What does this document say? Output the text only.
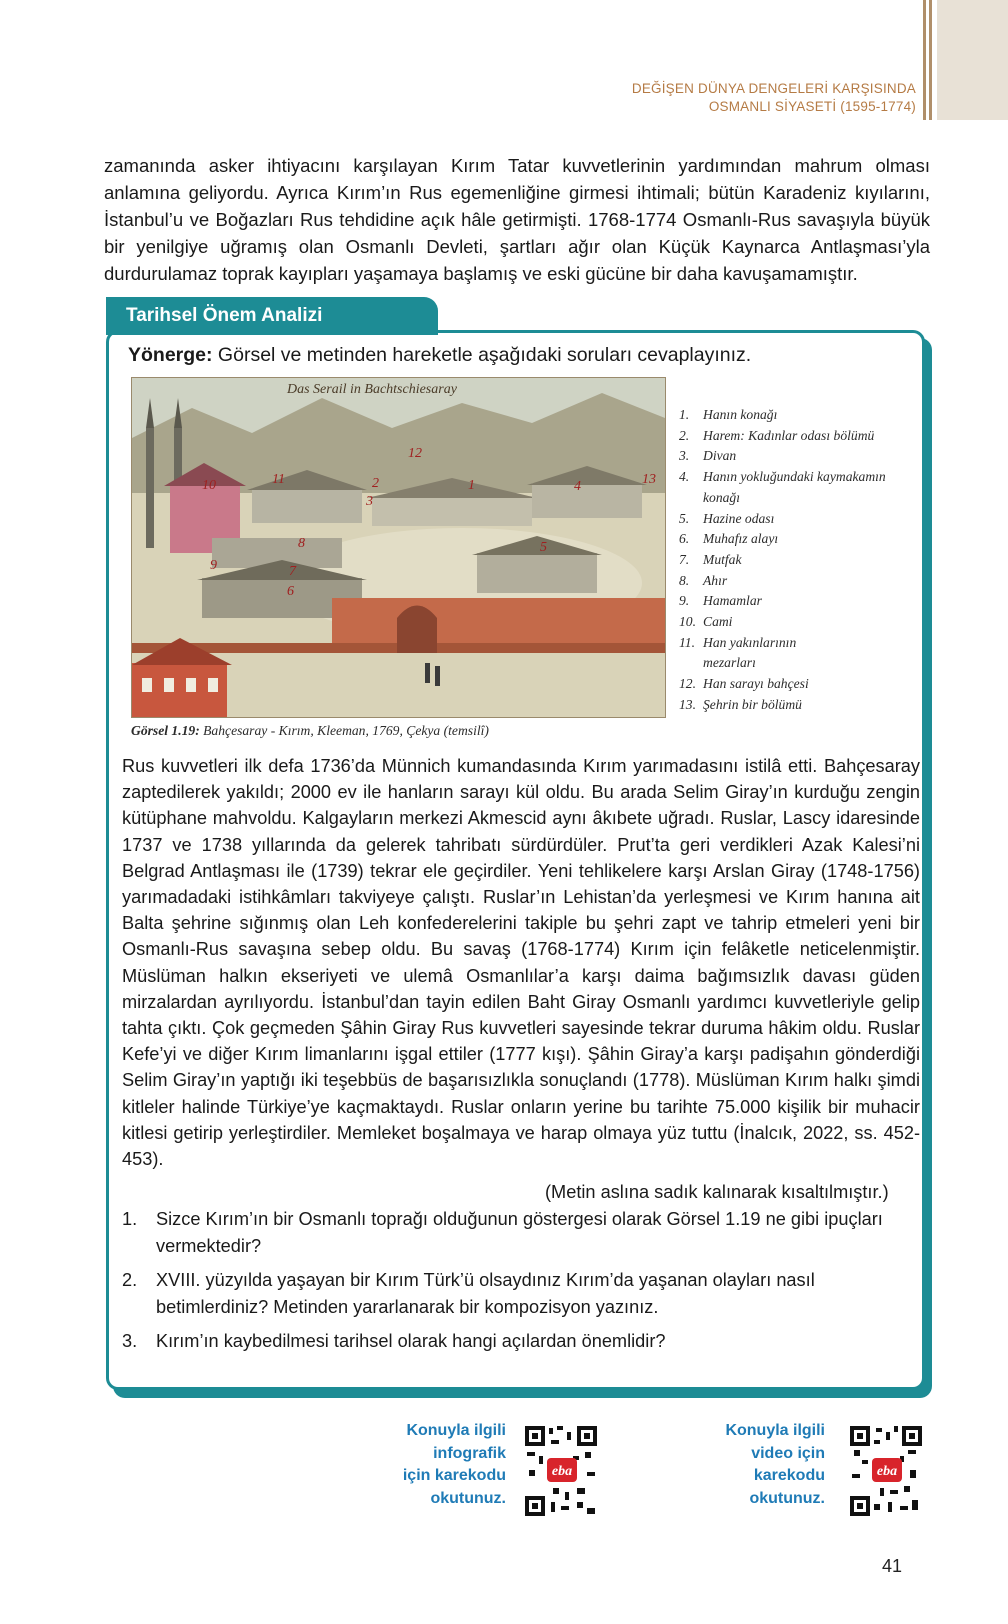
DEĞİŞEN DÜNYA DENGELERİ KARŞISINDA
OSMANLI SİYASETİ (1595-1774)

zamanında asker ihtiyacını karşılayan Kırım Tatar kuvvetlerinin yardımından mahrum olması anlamına geliyordu. Ayrıca Kırım’ın Rus egemenliğine girmesi ihtimali; bütün Karadeniz kıyılarını, İstanbul’u ve Boğazları Rus tehdidine açık hâle getirmişti. 1768-1774 Osmanlı-Rus savaşıyla büyük bir yenilgiye uğramış olan Osmanlı Devleti, şartları ağır olan Küçük Kaynarca Antlaşması’yla durdurulamaz toprak kayıpları yaşamaya başlamış ve eski gücüne bir daha kavuşamamıştır.

Tarihsel Önem Analizi
Yönerge: Görsel ve metinden hareketle aşağıdaki soruları cevaplayınız.
Das Serail in Bachtschiesaray
1
2
3
4
5
6
7
8
9
10	11
12
13
1.	Hanın konağı
2.	Harem: Kadınlar odası bölümü
3.	Divan
4.	Hanın yokluğundaki kaymakamın
konağı
5.	Hazine odası
6.	Muhafız alayı
7.	Mutfak
8.	Ahır
9.	Hamamlar
10. Cami
11. Han yakınlarının
mezarları
12. Han sarayı bahçesi
13. Şehrin bir bölümü
Görsel 1.19: Bahçesaray - Kırım, Kleeman, 1769, Çekya (temsilî)

Rus kuvvetleri ilk defa 1736’da Münnich kumandasında Kırım yarımadasını istilâ etti. Bahçesaray zaptedilerek yakıldı; 2000 ev ile hanların sarayı kül oldu. Bu arada Selim Giray’ın kurduğu zengin kütüphane mahvoldu. Kalgayların merkezi Akmescid aynı âkıbete uğradı. Ruslar, Lascy idaresinde 1737 ve 1738 yıllarında da gelerek tahribatı sürdürdüler. Prut’ta geri verdikleri Azak Kalesi’ni Belgrad Antlaşması ile (1739) tekrar ele geçirdiler. Yeni tehlikelere karşı Arslan Giray (1748-1756) yarımadadaki istihkâmları takviyeye çalıştı. Ruslar’ın Lehistan’da yerleşmesi ve Kırım hanına ait Balta şehrine sığınmış olan Leh konfederelerini takiple bu şehri zapt ve tahrip etmeleri yeni bir Osmanlı-Rus savaşına sebep oldu. Bu savaş (1768-1774) Kırım için felâketle neticelenmiştir. Müslüman halkın ekseriyeti ve ulemâ Osmanlılar’a karşı daima bağımsızlık davası güden mirzalardan ayrılıyordu. İstanbul’dan tayin edilen Baht Giray Osmanlı yardımcı kuvvetleriyle gelip tahta çıktı. Çok geçmeden Şâhin Giray Rus kuvvetleri sayesinde tekrar duruma hâkim oldu. Ruslar Kefe’yi ve diğer Kırım limanlarını işgal ettiler (1777 kışı). Şâhin Giray’a karşı padişahın gönderdiği Selim Giray’ın yaptığı iki teşebbüs de başarısızlıkla sonuçlandı (1778). Müslüman Kırım halkı şimdi kitleler halinde Türkiye’ye kaçmaktaydı. Ruslar onların yerine bu tarihte 75.000 kişilik bir muhacir kitlesi getirip yerleştirdiler. Memleket boşalmaya ve harap olmaya yüz tuttu (İnalcık, 2022, ss. 452-453).

(Metin aslına sadık kalınarak kısaltılmıştır.)
1.	Sizce Kırım’ın bir Osmanlı toprağı olduğunun göstergesi olarak Görsel 1.19 ne gibi ipuçları vermektedir?
2.	XVIII. yüzyılda yaşayan bir Kırım Türk’ü olsaydınız Kırım’da yaşanan olayları nasıl betimlerdiniz? Metinden yararlanarak bir kompozisyon yazınız.
3.	Kırım’ın kaybedilmesi tarihsel olarak hangi açılardan önemlidir?
Konuyla ilgili
infografik
için karekodu
okutunuz.
eba
Konuyla ilgili
video için
karekodu
okutunuz.
eba
41
